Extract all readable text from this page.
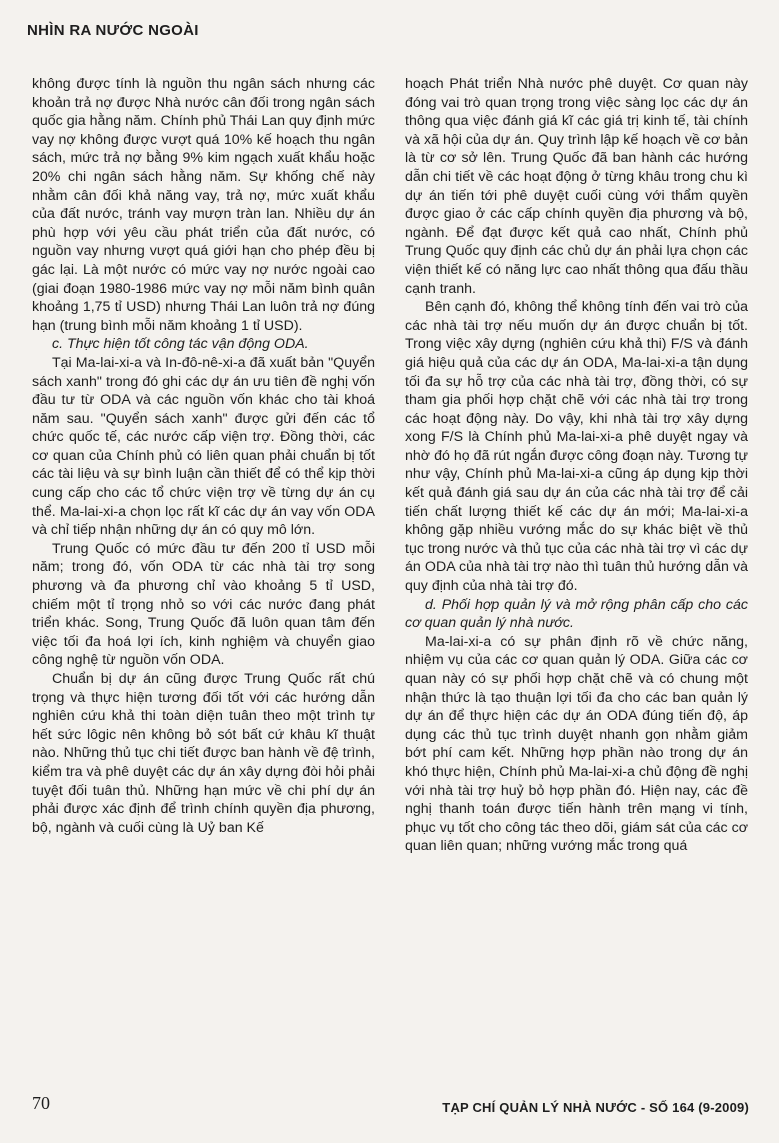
NHÌN RA NƯỚC NGOÀI

không được tính là nguồn thu ngân sách nhưng các khoản trả nợ được Nhà nước cân đối trong ngân sách quốc gia hằng năm. Chính phủ Thái Lan quy định mức vay nợ không được vượt quá 10% kế hoạch thu ngân sách, mức trả nợ bằng 9% kim ngạch xuất khẩu hoặc 20% chi ngân sách hằng năm. Sự khống chế này nhằm cân đối khả năng vay, trả nợ, mức xuất khẩu của đất nước, tránh vay mượn tràn lan. Nhiều dự án phù hợp với yêu cầu phát triển của đất nước, có nguồn vay nhưng vượt quá giới hạn cho phép đều bị gác lại. Là một nước có mức vay nợ nước ngoài cao (giai đoạn 1980-1986 mức vay nợ mỗi năm bình quân khoảng 1,75 tỉ USD) nhưng Thái Lan luôn trả nợ đúng hạn (trung bình mỗi năm khoảng 1 tỉ USD).

c. Thực hiện tốt công tác vận động ODA.

Tại Ma-lai-xi-a và In-đô-nê-xi-a đã xuất bản "Quyển sách xanh" trong đó ghi các dự án ưu tiên đề nghị vốn đầu tư từ ODA và các nguồn vốn khác cho tài khoá năm sau. "Quyển sách xanh" được gửi đến các tổ chức quốc tế, các nước cấp viện trợ. Đồng thời, các cơ quan của Chính phủ có liên quan phải chuẩn bị tốt các tài liệu và sự bình luận cần thiết để có thể kịp thời cung cấp cho các tổ chức viện trợ về từng dự án cụ thể. Ma-lai-xi-a chọn lọc rất kĩ các dự án vay vốn ODA và chỉ tiếp nhận những dự án có quy mô lớn.

Trung Quốc có mức đầu tư đến 200 tỉ USD mỗi năm; trong đó, vốn ODA từ các nhà tài trợ song phương và đa phương chỉ vào khoảng 5 tỉ USD, chiếm một tỉ trọng nhỏ so với các nước đang phát triển khác. Song, Trung Quốc đã luôn quan tâm đến việc tối đa hoá lợi ích, kinh nghiệm và chuyển giao công nghệ từ nguồn vốn ODA.

Chuẩn bị dự án cũng được Trung Quốc rất chú trọng và thực hiện tương đối tốt với các hướng dẫn nghiên cứu khả thi toàn diện tuân theo một trình tự hết sức lôgic nên không bỏ sót bất cứ khâu kĩ thuật nào. Những thủ tục chi tiết được ban hành về đệ trình, kiểm tra và phê duyệt các dự án xây dựng đòi hỏi phải tuyệt đối tuân thủ. Những hạn mức về chi phí dự án phải được xác định để trình chính quyền địa phương, bộ, ngành và cuối cùng là Uỷ ban Kế

hoạch Phát triển Nhà nước phê duyệt. Cơ quan này đóng vai trò quan trọng trong việc sàng lọc các dự án thông qua việc đánh giá kĩ các giá trị kinh tế, tài chính và xã hội của dự án. Quy trình lập kế hoạch về cơ bản là từ cơ sở lên. Trung Quốc đã ban hành các hướng dẫn chi tiết về các hoạt động ở từng khâu trong chu kì dự án tiến tới phê duyệt cuối cùng với thẩm quyền được giao ở các cấp chính quyền địa phương và bộ, ngành. Để đạt được kết quả cao nhất, Chính phủ Trung Quốc quy định các chủ dự án phải lựa chọn các viện thiết kế có năng lực cao nhất thông qua đấu thầu cạnh tranh.

Bên cạnh đó, không thể không tính đến vai trò của các nhà tài trợ nếu muốn dự án được chuẩn bị tốt. Trong việc xây dựng (nghiên cứu khả thi) F/S và đánh giá hiệu quả của các dự án ODA, Ma-lai-xi-a tận dụng tối đa sự hỗ trợ của các nhà tài trợ, đồng thời, có sự tham gia phối hợp chặt chẽ với các nhà tài trợ trong các hoạt động này. Do vậy, khi nhà tài trợ xây dựng xong F/S là Chính phủ Ma-lai-xi-a phê duyệt ngay và nhờ đó họ đã rút ngắn được công đoạn này. Tương tự như vậy, Chính phủ Ma-lai-xi-a cũng áp dụng kịp thời kết quả đánh giá sau dự án của các nhà tài trợ để cải tiến chất lượng thiết kế các dự án mới; Ma-lai-xi-a không gặp nhiều vướng mắc do sự khác biệt về thủ tục trong nước và thủ tục của các nhà tài trợ vì các dự án ODA của nhà tài trợ nào thì tuân thủ hướng dẫn và quy định của nhà tài trợ đó.

d. Phối hợp quản lý và mở rộng phân cấp cho các cơ quan quản lý nhà nước.

Ma-lai-xi-a có sự phân định rõ về chức năng, nhiệm vụ của các cơ quan quản lý ODA. Giữa các cơ quan này có sự phối hợp chặt chẽ và có chung một nhận thức là tạo thuận lợi tối đa cho các ban quản lý dự án để thực hiện các dự án ODA đúng tiến độ, áp dụng các thủ tục trình duyệt nhanh gọn nhằm giảm bớt phí cam kết. Những hợp phần nào trong dự án khó thực hiện, Chính phủ Ma-lai-xi-a chủ động đề nghị với nhà tài trợ huỷ bỏ hợp phần đó. Hiện nay, các đề nghị thanh toán được tiến hành trên mạng vi tính, phục vụ tốt cho công tác theo dõi, giám sát của các cơ quan liên quan; những vướng mắc trong quá

70	TẠP CHÍ QUẢN LÝ NHÀ NƯỚC - SỐ 164 (9-2009)
